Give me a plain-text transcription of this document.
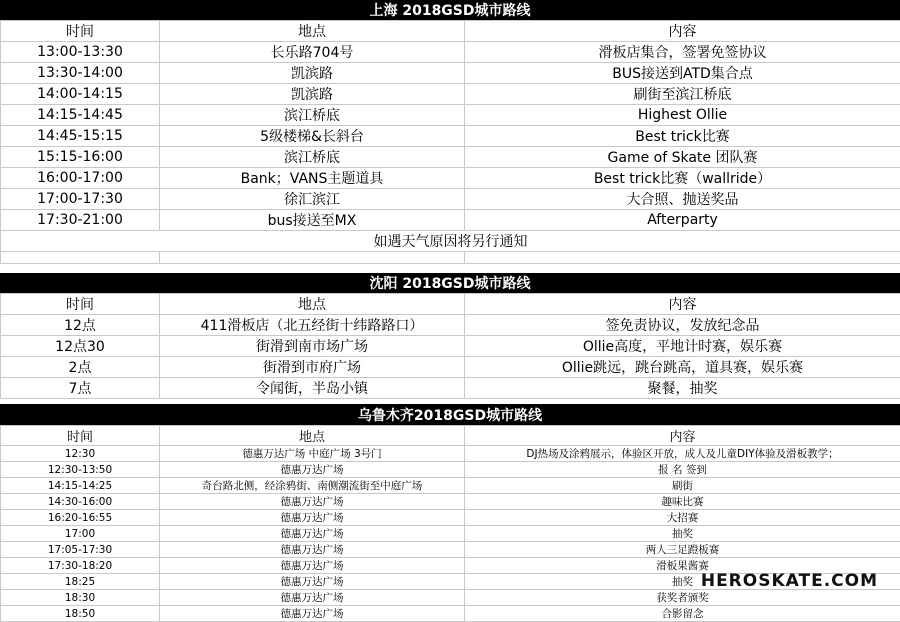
上海 2018GSD城市路线
时间	地点	内容
13:00-13:30	长乐路704号	滑板店集合，签署免签协议
13:30-14:00	凯滨路	BUS接送到ATD集合点
14:00-14:15	凯滨路	刷街至滨江桥底
14:15-14:45	滨江桥底	Highest Ollie
14:45-15:15	5级楼梯&长斜台	Best trick比赛
15:15-16:00	滨江桥底	Game of Skate 团队赛
16:00-17:00	Bank；VANS主题道具	Best trick比赛（wallride）
17:00-17:30	徐汇滨江	大合照、抛送奖品
17:30-21:00	bus接送至MX	Afterparty
如遇天气原因将另行通知		

沈阳 2018GSD城市路线
时间	地点	内容
12点	411滑板店（北五经街十纬路路口）	签免责协议，发放纪念品
12点30	街滑到南市场广场	Ollie高度，平地计时赛，娱乐赛
2点	街滑到市府广场	Ollie跳远，跳台跳高，道具赛，娱乐赛
7点	令闻街，半岛小镇	聚餐，抽奖
乌鲁木齐2018GSD城市路线
时间	地点	内容
12:30	德惠万达广场 中庭广场 3号门	DJ热场及涂鸦展示，体验区开放，成人及儿童DIY体验及滑板教学；
12:30-13:50	德惠万达广场	报 名 签到
14:15-14:25	奇台路北侧，经涂鸦街、南侧潮流街至中庭广场	刷街
14:30-16:00	德惠万达广场	趣味比赛
16:20-16:55	德惠万达广场	大招赛
17:00	德惠万达广场	抽奖
17:05-17:30	德惠万达广场	两人三足蹬板赛
17:30-18:20	德惠万达广场	滑板果酱赛
18:25	德惠万达广场	抽奖
18:30	德惠万达广场	获奖者颁奖
18:50	德惠万达广场	合影留念
HEROSKATE.COM
